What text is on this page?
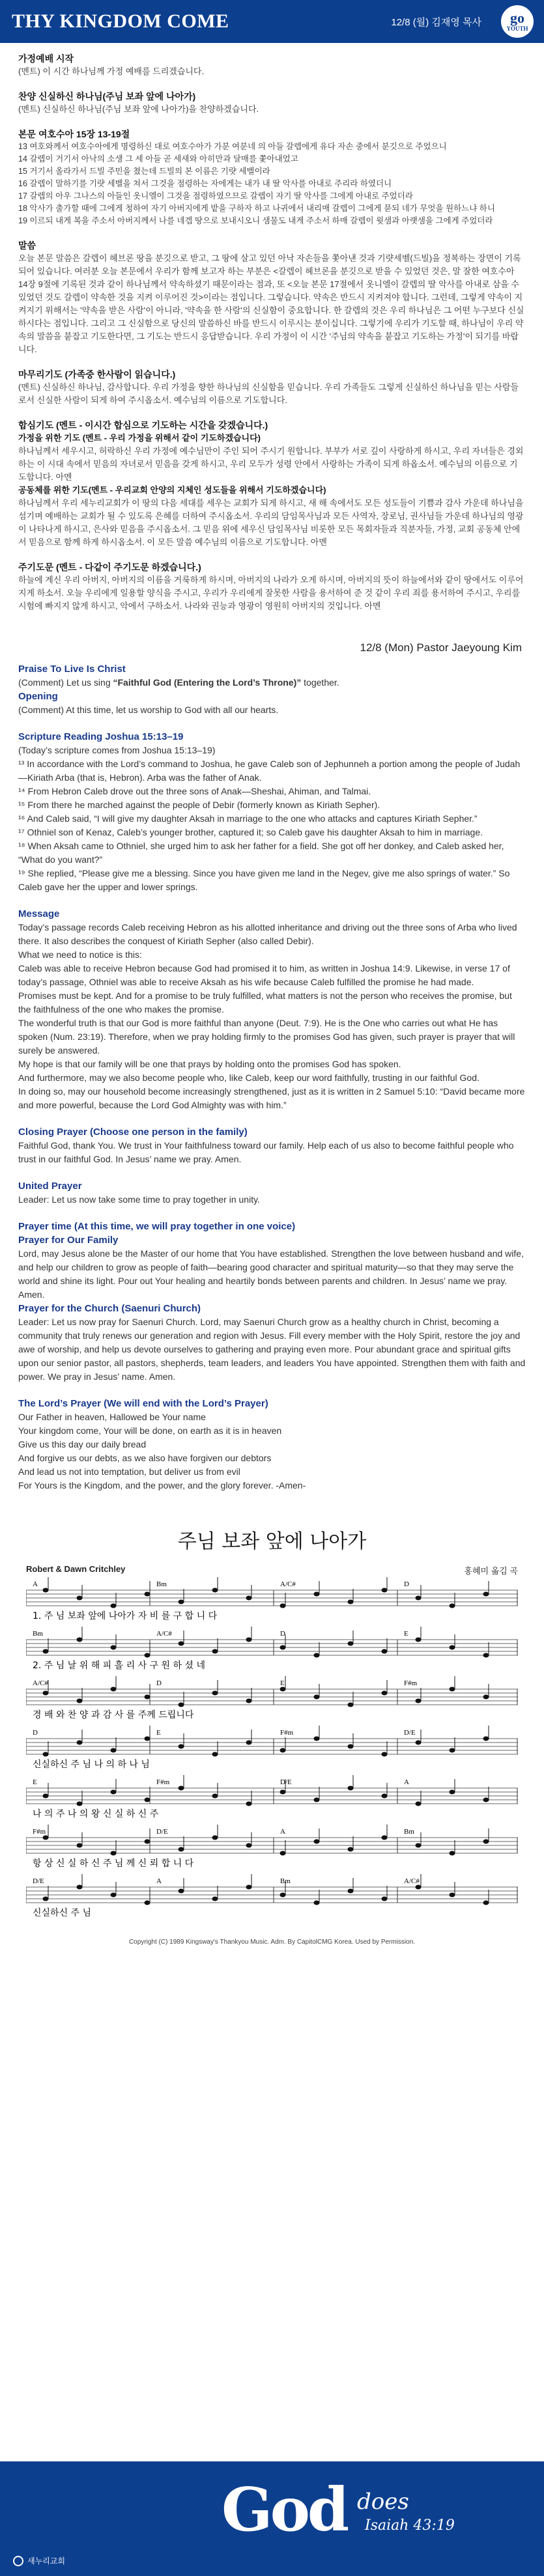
THY KINGDOM COME	12/8 (월) 김재영 목사 go
YOUTH
가정예배 시작
(멘트) 이 시간 하나님께 가정 예배를 드리겠습니다.
찬양 신실하신 하나님(주님 보좌 앞에 나아가)
(멘트) 신실하신 하나님(주님 보좌 앞에 나아가)을 찬양하겠습니다.
본문 여호수아 15장 13-19절
13 여호와께서 여호수아에게 명령하신 대로 여호수아가 가분 여분네 의 아들 갈렙에게 유다 자손 중에서 분깃으로 주었으니
14 갈렙이 거기서 아낙의 소생 그 세 아들 곧 세새와 아히만과 달매를 쫓아내었고
15 거기서 올라가서 드빌 주민을 쳤는데 드빌의 본 이름은 기럇 세벨이라
16 갈렙이 말하기를 기럇 세벨을 쳐서 그것을 점령하는 자에게는 내가 내 딸 악사를 아내로 주리라 하였더니
17 갈렙의 아우 그나스의 아들인 옷니엘이 그것을 점령하였으므로 갈렙이 자기 딸 악사를 그에게 아내로 주었더라
18 악사가 출가할 때에 그에게 청하여 자기 아버지에게 밭을 구하자 하고 나귀에서 내리매 갈렙이 그에게 묻되 네가 무엇을 원하느냐 하니
19 이르되 내게 복을 주소서 아버지께서 나를 네겝 땅으로 보내시오니 샘물도 내게 주소서 하매 갈렙이 윗샘과 아랫샘을 그에게 주었더라
말씀
오늘 본문 말씀은 갈렙이 헤브론 땅을 분깃으로 받고, 그 땅에 살고 있던 아낙 자손들을 쫓아낸 것과 기럇세벨(드빌)을 정복하는 장면이 기록되어 있습니다. 여러분 오늘 본문에서 우리가 함께 보고자 하는 부분은 <갈렙이 헤브론을 분깃으로 받을 수 있었던 것은, 말 잘한 여호수아 14장 9절에 기록된 것과 같이 하나님께서 약속하셨기 때문이라는 점과, 또 <오늘 본문 17절에서 옷니엘이 갈렙의 딸 악사를 아내로 삼을 수 있었던 것도 갈렙이 약속한 것을 지켜 이루어진 것>이라는 점입니다. 그렇습니다. 약속은 반드시 지켜져야 합니다. 그런데, 그렇게 약속이 지켜지기 위해서는 '약속을 받은 사람'이 아니라, '약속을 한 사람'의 신실함이 중요합니다. 한 갈렙의 것은 우리 하나님은 그 어떤 누구보다 신실하시다는 점입니다. 그리고 그 신실함으로 당신의 말씀하신 바를 반드시 이루시는 분이십니다. 그렇기에 우리가 기도할 때, 하나님이 우리 약속의 말씀을 붙잡고 기도한다면, 그 기도는 반드시 응답받습니다. 우리 가정이 이 시간 '주님의 약속을 붙잡고 기도하는 가정'이 되기를 바랍니다.
마무리기도 (가족중 한사람이 읽습니다.)
(멘트) 신실하신 하나님, 감사합니다. 우리 가정을 향한 하나님의 신실함을 믿습니다. 우리 가족들도 그렇게 신실하신 하나님을 믿는 사람들로서 신실한 사람이 되게 하여 주시옵소서. 예수님의 이름으로 기도합니다.
합심기도 (멘트 - 이시간 합심으로 기도하는 시간을 갖겠습니다.)
가정을 위한 기도 (멘트 - 우리 가정을 위해서 같이 기도하겠습니다)
하나님께서 세우시고, 허락하신 우리 가정에 예수님만이 주인 되어 주시기 원합니다. 부부가 서로 깊이 사랑하게 하시고, 우리 자녀들은 경외하는 이 시대 속에서 믿음의 자녀로서 믿음을 갖게 하시고, 우리 모두가 성령 안에서 사랑하는 가족이 되게 하옵소서. 예수님의 이름으로 기도합니다. 아멘
공동체를 위한 기도(멘트 - 우리교회 안양의 지체인 성도들을 위해서 기도하겠습니다)
하나님께서 우리 세누리교회가 이 땅의 다음 세대를 세우는 교회가 되게 하시고, 새 해 속에서도 모든 성도들이 기쁨과 감사 가운데 하나님을 섬기며 예배하는 교회가 될 수 있도록 은혜를 더하여 주시옵소서. 우리의 담임목사님과 모든 사역자, 장로님, 권사님들 가운데 하나님의 영광이 나타나게 하시고, 은사와 믿음을 주시옵소서. 그 믿음 위에 세우신 담임목사님 비롯한 모든 목회자들과 직분자들, 가정, 교회 공동체 안에서 믿음으로 함께 하게 하시옵소서. 이 모든 말씀 예수님의 이름으로 기도합니다. 아멘
주기도문 (멘트 - 다같이 주기도문 하겠습니다.)
하늘에 계신 우리 아버지, 아버지의 이름을 거룩하게 하시며, 아버지의 나라가 오게 하시며, 아버지의 뜻이 하늘에서와 같이 땅에서도 이루어지게 하소서. 오늘 우리에게 일용할 양식을 주시고, 우리가 우리에게 잘못한 사람을 용서하여 준 것 같이 우리 죄를 용서하여 주시고, 우리를 시험에 빠지지 않게 하시고, 악에서 구하소서. 나라와 권능과 영광이 영원히 아버지의 것입니다. 아멘
12/8 (Mon) Pastor Jaeyoung Kim
Praise To Live Is Christ
(Comment) Let us sing “Faithful God (Entering the Lord’s Throne)” together.
Opening
(Comment) At this time, let us worship to God with all our hearts.
Scripture Reading Joshua 15:13–19
(Today’s scripture comes from Joshua 15:13–19)
¹³ In accordance with the Lord’s command to Joshua, he gave Caleb son of Jephunneh a portion among the people of Judah—Kiriath Arba (that is, Hebron). Arba was the father of Anak.
¹⁴ From Hebron Caleb drove out the three sons of Anak—Sheshai, Ahiman, and Talmai.
¹⁵ From there he marched against the people of Debir (formerly known as Kiriath Sepher).
¹⁶ And Caleb said, “I will give my daughter Aksah in marriage to the one who attacks and captures Kiriath Sepher.”
¹⁷ Othniel son of Kenaz, Caleb’s younger brother, captured it; so Caleb gave his daughter Aksah to him in marriage.
¹⁸ When Aksah came to Othniel, she urged him to ask her father for a field. She got off her donkey, and Caleb asked her, “What do you want?”
¹⁹ She replied, “Please give me a blessing. Since you have given me land in the Negev, give me also springs of water.” So Caleb gave her the upper and lower springs.
Message
Today’s passage records Caleb receiving Hebron as his allotted inheritance and driving out the three sons of Arba who lived there. It also describes the conquest of Kiriath Sepher (also called Debir).
What we need to notice is this:
Caleb was able to receive Hebron because God had promised it to him, as written in Joshua 14:9. Likewise, in verse 17 of today’s passage, Othniel was able to receive Aksah as his wife because Caleb fulfilled the promise he had made.
Promises must be kept. And for a promise to be truly fulfilled, what matters is not the person who receives the promise, but the faithfulness of the one who makes the promise.
The wonderful truth is that our God is more faithful than anyone (Deut. 7:9). He is the One who carries out what He has spoken (Num. 23:19). Therefore, when we pray holding firmly to the promises God has given, such prayer is prayer that will surely be answered.
My hope is that our family will be one that prays by holding onto the promises God has spoken.
And furthermore, may we also become people who, like Caleb, keep our word faithfully, trusting in our faithful God.
In doing so, may our household become increasingly strengthened, just as it is written in 2 Samuel 5:10: “David became more and more powerful, because the Lord God Almighty was with him.”
Closing Prayer (Choose one person in the family)
Faithful God, thank You. We trust in Your faithfulness toward our family. Help each of us also to become faithful people who trust in our faithful God. In Jesus’ name we pray. Amen.
United Prayer
Leader: Let us now take some time to pray together in unity.
Prayer time (At this time, we will pray together in one voice)
Prayer for Our Family
Lord, may Jesus alone be the Master of our home that You have established. Strengthen the love between husband and wife, and help our children to grow as people of faith—bearing good character and spiritual maturity—so that they may serve the world and shine its light. Pour out Your healing and heartily bonds between parents and children. In Jesus’ name we pray. Amen.
Prayer for the Church (Saenuri Church)
Leader: Let us now pray for Saenuri Church. Lord, may Saenuri Church grow as a healthy church in Christ, becoming a community that truly renews our generation and region with Jesus. Fill every member with the Holy Spirit, restore the joy and awe of worship, and help us devote ourselves to gathering and praying even more. Pour abundant grace and spiritual gifts upon our senior pastor, all pastors, shepherds, team leaders, and leaders You have appointed. Strengthen them with faith and power. We pray in Jesus’ name. Amen.
The Lord’s Prayer (We will end with the Lord’s Prayer)
Our Father in heaven, Hallowed be Your name
Your kingdom come, Your will be done, on earth as it is in heaven
Give us this day our daily bread
And forgive us our debts, as we also have forgiven our debtors
And lead us not into temptation, but deliver us from evil
For Yours is the Kingdom, and the power, and the glory forever. -Amen-
주님 보좌 앞에 나아가
Robert & Dawn Critchley	홍혜미 옮김 곡
A	Bm	A/C#	D
1. 주 님 보좌 앞에 나아가 자 비 를 구 합 니 다
Bm	A/C#	D	E
2. 주 님 날 위 해 피 흘 리 사 구 원 하 셨 네
A/C#	D	E	F#m
경 배 와 찬 양 과 감 사 를 주께 드립니다
D	E	F#m	D/E
신실하신 주 님 나 의 하 나 님
E	F#m	D/E	A
나 의 주 나 의 왕 신 실 하 신 주
F#m	D/E	A	Bm
항 상 신 실 하 신 주 님 께 신 뢰 합 니 다
D/E	A	Bm	A/C#
신실하신 주 님
Copyright (C) 1989 Kingsway's Thankyou Music. Adm. By CapitolCMG Korea. Used by Permission.
God does
Isaiah 43:19
새누리교회
